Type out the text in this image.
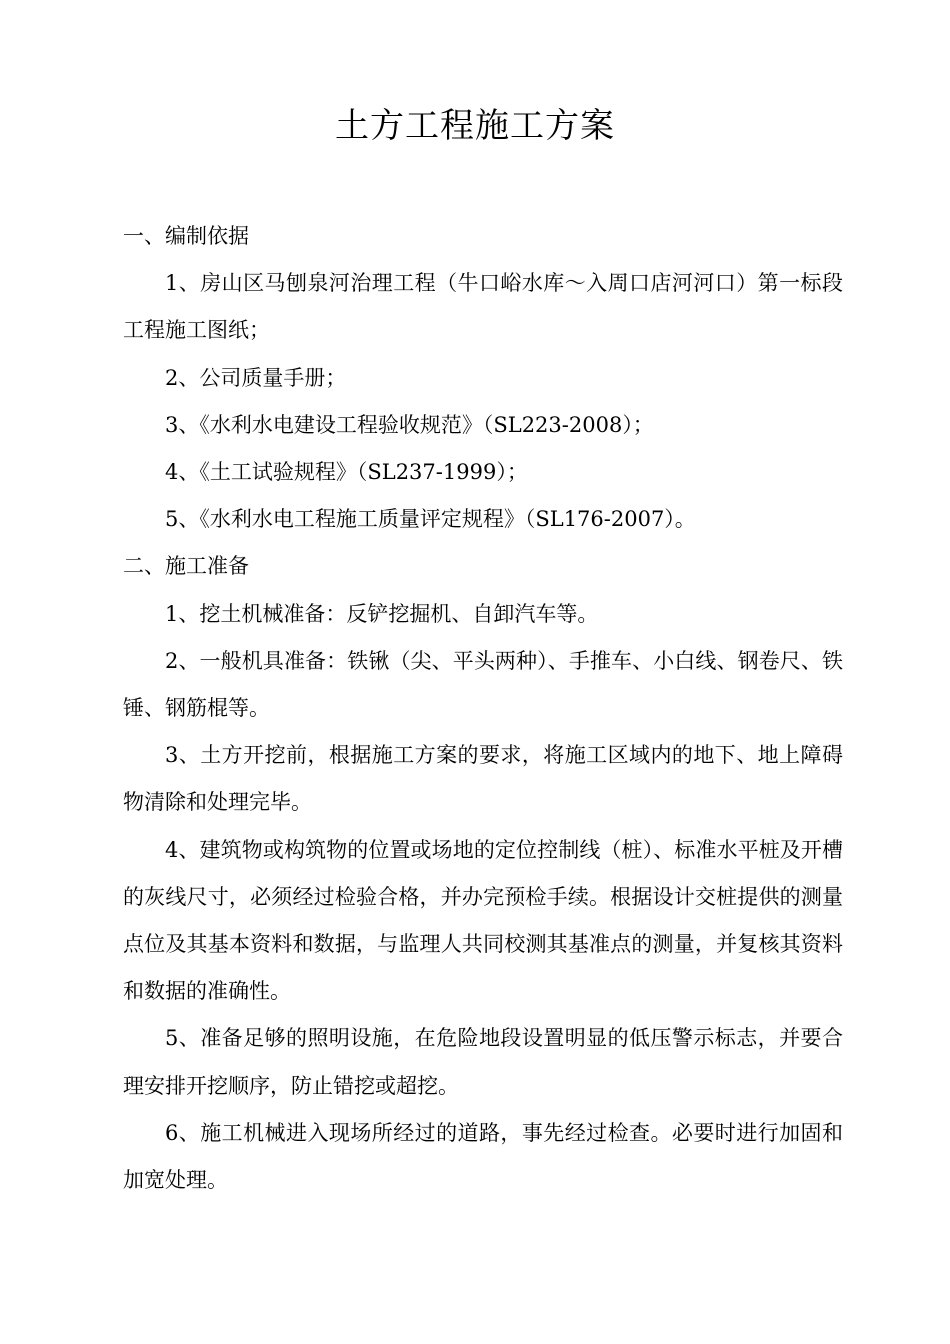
土方工程施工方案

一、编制依据

1、房山区马刨泉河治理工程（牛口峪水库～入周口店河河口）第一标段工程施工图纸；

2、公司质量手册；

3、《水利水电建设工程验收规范》（SL223-2008）；

4、《土工试验规程》（SL237-1999）；

5、《水利水电工程施工质量评定规程》（SL176-2007）。

二、施工准备

1、挖土机械准备：反铲挖掘机、自卸汽车等。

2、一般机具准备：铁锹（尖、平头两种）、手推车、小白线、钢卷尺、铁锤、钢筋棍等。

3、土方开挖前，根据施工方案的要求，将施工区域内的地下、地上障碍物清除和处理完毕。

4、建筑物或构筑物的位置或场地的定位控制线（桩）、标准水平桩及开槽的灰线尺寸，必须经过检验合格，并办完预检手续。根据设计交桩提供的测量点位及其基本资料和数据，与监理人共同校测其基准点的测量，并复核其资料和数据的准确性。

5、准备足够的照明设施，在危险地段设置明显的低压警示标志，并要合理安排开挖顺序，防止错挖或超挖。

6、施工机械进入现场所经过的道路，事先经过检查。必要时进行加固和加宽处理。
